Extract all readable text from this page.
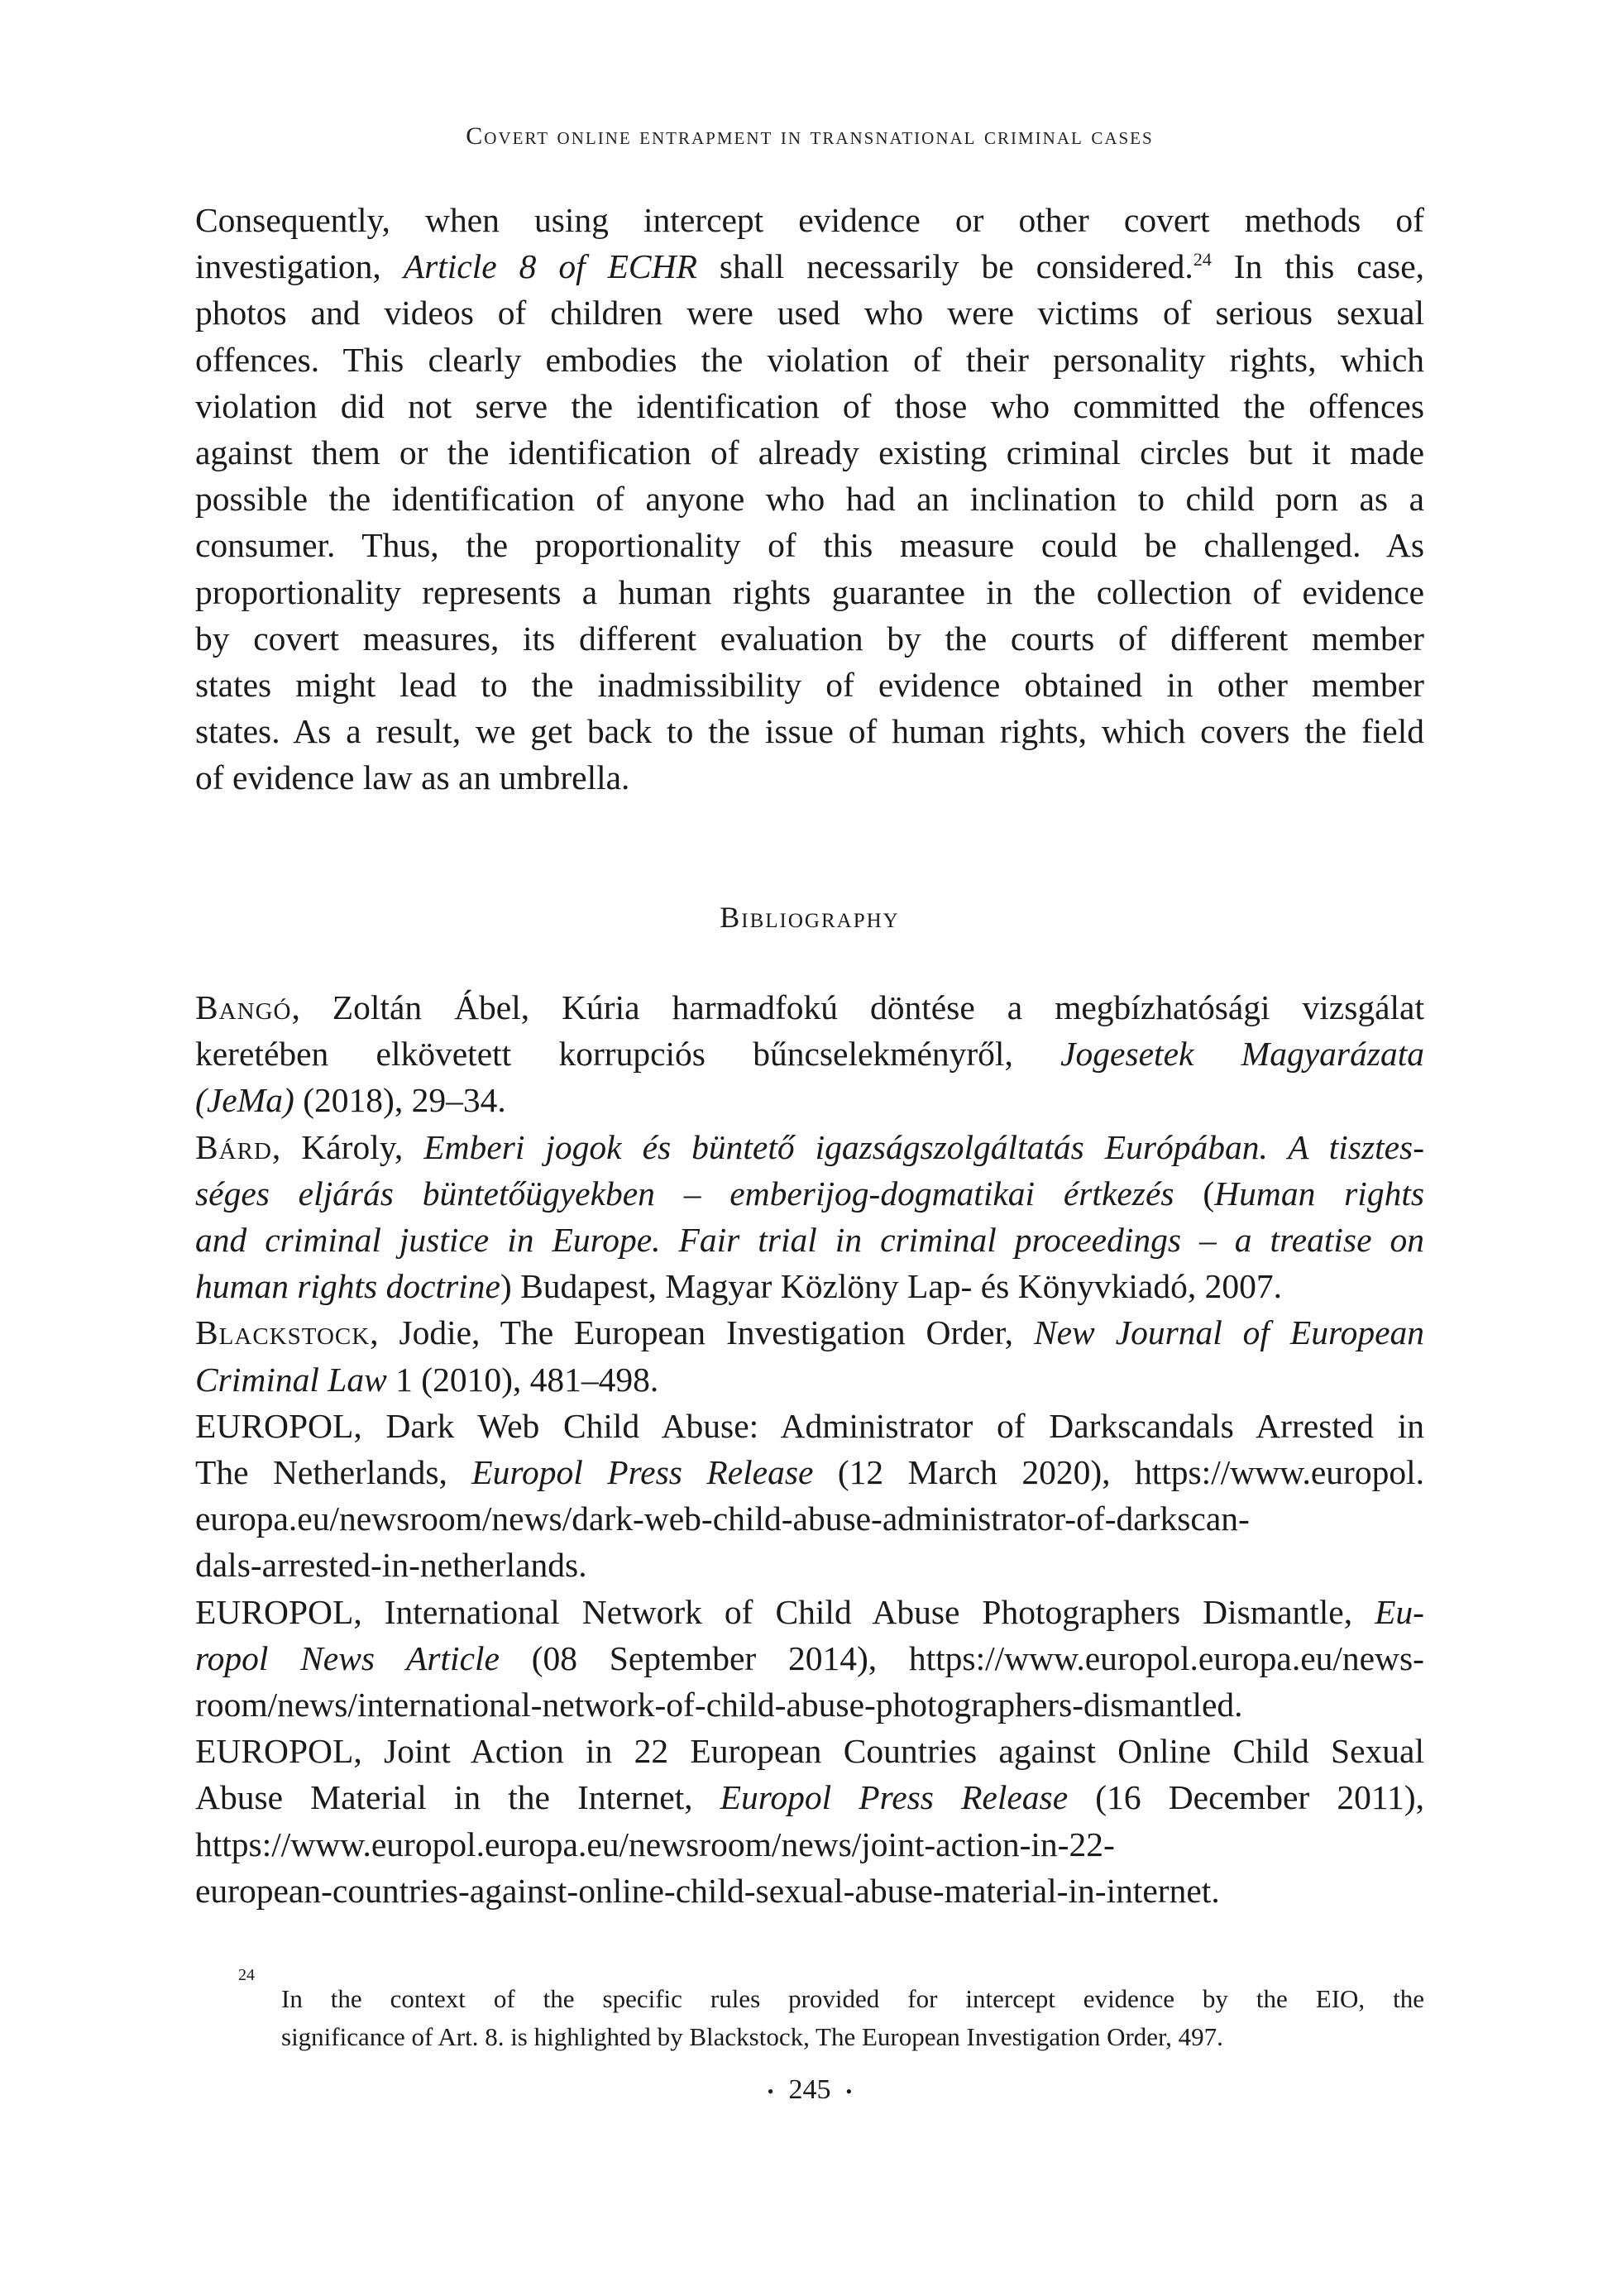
Covert online entrapment in transnational criminal cases
Consequently, when using intercept evidence or other covert methods of
investigation, Article 8 of ECHR shall necessarily be considered.$^{24}$ In this case,
photos and videos of children were used who were victims of serious sexual
offences. This clearly embodies the violation of their personality rights, which
violation did not serve the identification of those who committed the offences
against them or the identification of already existing criminal circles but it made
possible the identification of anyone who had an inclination to child porn as a
consumer. Thus, the proportionality of this measure could be challenged. As
proportionality represents a human rights guarantee in the collection of evidence
by covert measures, its different evaluation by the courts of different member
states might lead to the inadmissibility of evidence obtained in other member
states. As a result, we get back to the issue of human rights, which covers the field
of evidence law as an umbrella.
Bibliography
Bangó, Zoltán Ábel, Kúria harmadfokú döntése a megbízhatósági vizsgálat
keretében elkövetett korrupciós bűncselekményről, Jogesetek Magyarázata
(JeMa) (2018), 29–34.
Bárd, Károly, Emberi jogok és büntető igazságszolgáltatás Európában. A tisztes-
séges eljárás büntetőügyekben – emberijog-dogmatikai értkezés (Human rights
and criminal justice in Europe. Fair trial in criminal proceedings – a treatise on
human rights doctrine) Budapest, Magyar Közlöny Lap- és Könyvkiadó, 2007.
Blackstock, Jodie, The European Investigation Order, New Journal of European
Criminal Law 1 (2010), 481–498.
EUROPOL, Dark Web Child Abuse: Administrator of Darkscandals Arrested in
The Netherlands, Europol Press Release (12 March 2020), https://www.europol.
europa.eu/newsroom/news/dark-web-child-abuse-administrator-of-darkscan-
dals-arrested-in-netherlands.
EUROPOL, International Network of Child Abuse Photographers Dismantle, Eu-
ropol News Article (08 September 2014), https://www.europol.europa.eu/news-
room/news/international-network-of-child-abuse-photographers-dismantled.
EUROPOL, Joint Action in 22 European Countries against Online Child Sexual
Abuse Material in the Internet, Europol Press Release (16 December 2011),
https://www.europol.europa.eu/newsroom/news/joint-action-in-22-
european-countries-against-online-child-sexual-abuse-material-in-internet.
24
In the context of the specific rules provided for intercept evidence by the EIO, the
significance of Art. 8. is highlighted by Blackstock, The European Investigation Order, 497.
• 245 •
